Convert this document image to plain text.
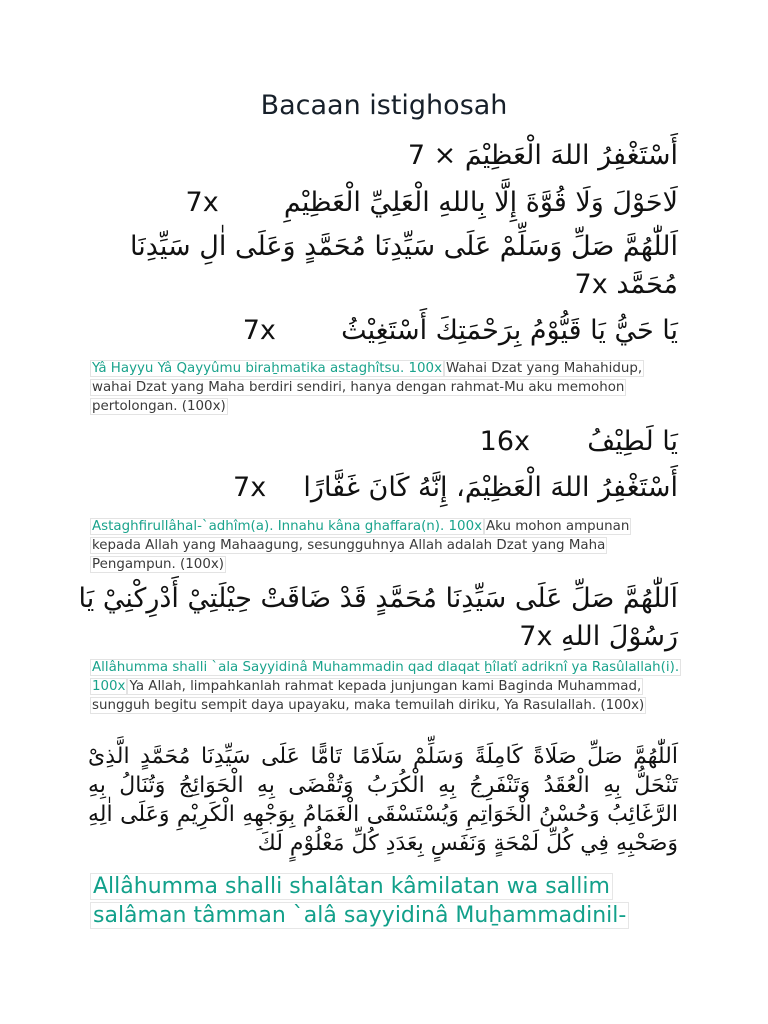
Bacaan istighosah
أَسْتَغْفِرُ اللهَ الْعَظِيْمَ 7 ×
لَاحَوْلَ وَلَا قُوَّةَ إِلَّا بِاللهِ الْعَلِيِّ الْعَظِيْمِ  7x
اَللّٰهُمَّ صَلِّ وَسَلِّمْ عَلَى سَيِّدِنَا مُحَمَّدٍ وَعَلَى اٰلِ سَيِّدِنَا مُحَمَّد 7x
يَا حَيُّ يَا قَيُّوْمُ بِرَحْمَتِكَ أَسْتَغِيْثُ  7x
Yâ Hayyu Yâ Qayyûmu biraẖmatika astaghîtsu. 100x Wahai Dzat yang Mahahidup, wahai Dzat yang Maha berdiri sendiri, hanya dengan rahmat-Mu aku memohon pertolongan. (100x)
يَا لَطِيْفُ  16x
أَسْتَغْفِرُ اللهَ الْعَظِيْمَ، إِنَّهُ كَانَ غَفَّارًا  7x
Astaghfirullâhal-`adhîm(a). Innahu kâna ghaffara(n). 100x Aku mohon ampunan kepada Allah yang Mahaagung, sesungguhnya Allah adalah Dzat yang Maha Pengampun. (100x)
اَللّٰهُمَّ صَلِّ عَلَى سَيِّدِنَا مُحَمَّدٍ قَدْ ضَاقَتْ حِيْلَتِيْ أَدْرِكْنِيْ يَا رَسُوْلَ اللهِ 7x
Allâhumma shalli `ala Sayyidinâ Muhammadin qad dlaqat ẖîlatî adriknî ya Rasûlallah(i). 100x Ya Allah, limpahkanlah rahmat kepada junjungan kami Baginda Muhammad, sungguh begitu sempit daya upayaku, maka temuilah diriku, Ya Rasulallah. (100x)
اَللّٰهُمَّ صَلِّ صَلَاةً كَامِلَةً وَسَلِّمْ سَلَامًا تَامًّا عَلَى سَيِّدِنَا مُحَمَّدٍ الَّذِىْ تَنْحَلُّ بِهِ الْعُقَدُ وَتَنْفَرِجُ بِهِ الْكُرَبُ وَتُقْضَى بِهِ الْحَوَائِجُ وَتُنَالُ بِهِ الرَّغَائِبُ وَحُسْنُ الْخَوَاتِمِ وَيُسْتَسْقَى الْغَمَامُ بِوَجْهِهِ الْكَرِيْمِ وَعَلَى اٰلِهِ وَصَحْبِهِ فِي كُلِّ لَمْحَةٍ وَنَفَسٍ بِعَدَدِ كُلِّ مَعْلُوْمٍ لَكَ
Allâhumma shalli shalâtan kâmilatan wa sallim salâman tâmman `alâ sayyidinâ Muẖammadinil-
